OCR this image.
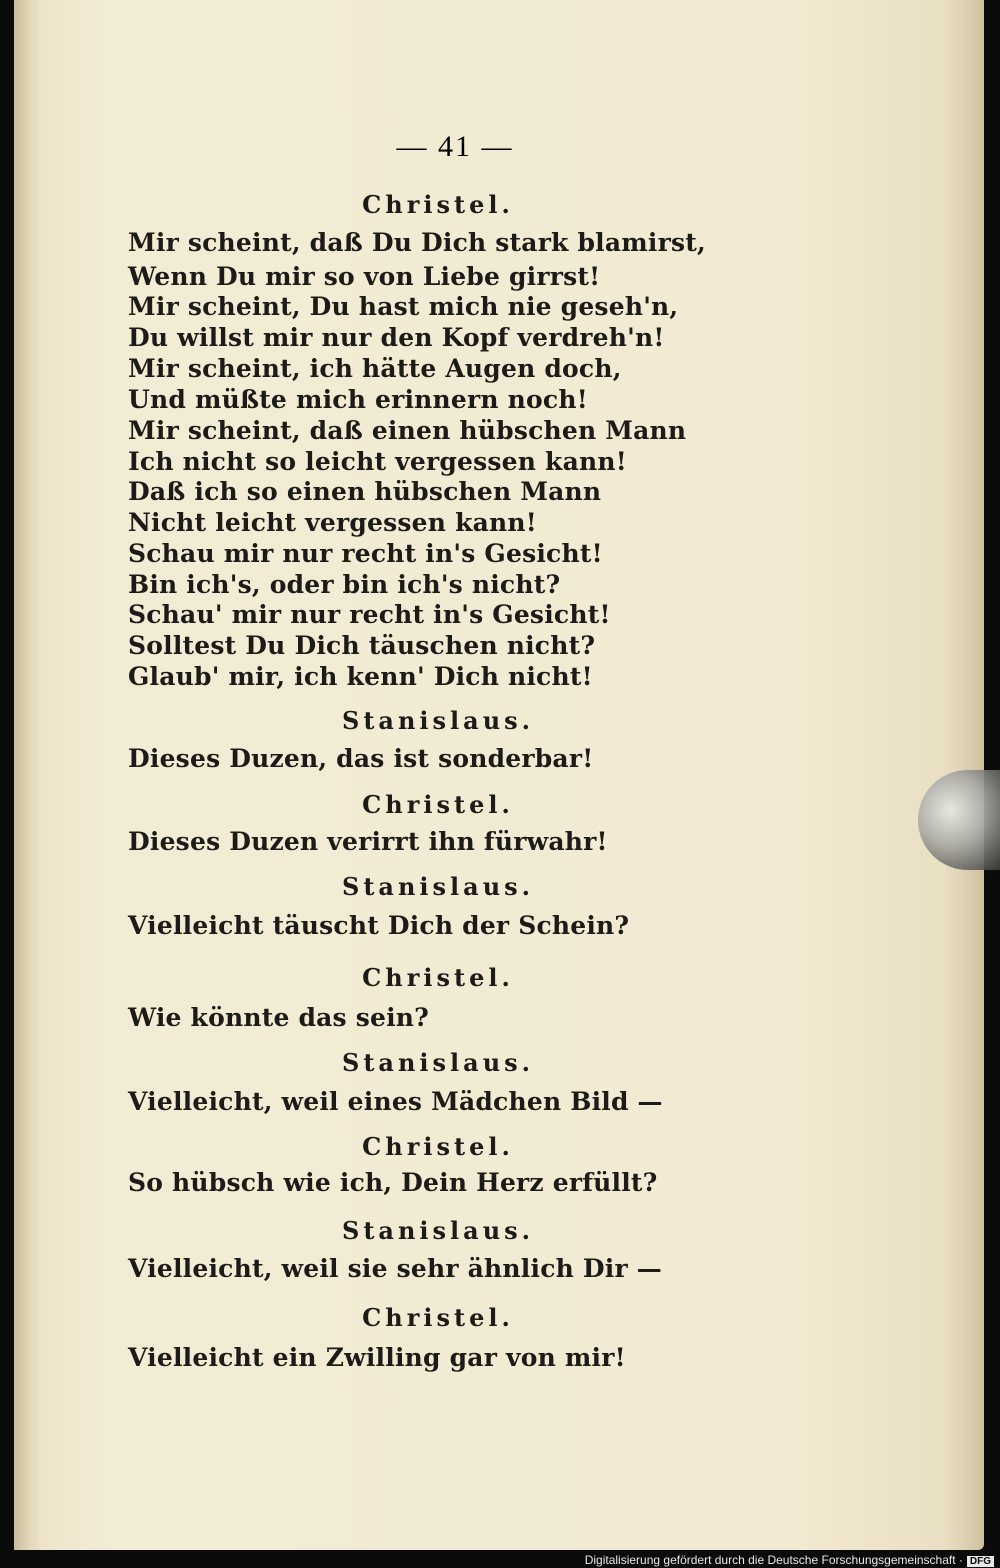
— 41 —
Christel.
Mir scheint, daß Du Dich stark blamirst,
Wenn Du mir so von Liebe girrst!
Mir scheint, Du hast mich nie geseh'n,
Du willst mir nur den Kopf verdreh'n!
Mir scheint, ich hätte Augen doch,
Und müßte mich erinnern noch!
Mir scheint, daß einen hübschen Mann
Ich nicht so leicht vergessen kann!
Daß ich so einen hübschen Mann
Nicht leicht vergessen kann!
Schau mir nur recht in's Gesicht!
Bin ich's, oder bin ich's nicht?
Schau' mir nur recht in's Gesicht!
Solltest Du Dich täuschen nicht?
Glaub' mir, ich kenn' Dich nicht!
Stanislaus.
Dieses Duzen, das ist sonderbar!
Christel.
Dieses Duzen verirrt ihn fürwahr!
Stanislaus.
Vielleicht täuscht Dich der Schein?
Christel.
Wie könnte das sein?
Stanislaus.
Vielleicht, weil eines Mädchen Bild —
Christel.
So hübsch wie ich, Dein Herz erfüllt?
Stanislaus.
Vielleicht, weil sie sehr ähnlich Dir —
Christel.
Vielleicht ein Zwilling gar von mir!
Digitalisierung gefördert durch die Deutsche Forschungsgemeinschaft · DFG
